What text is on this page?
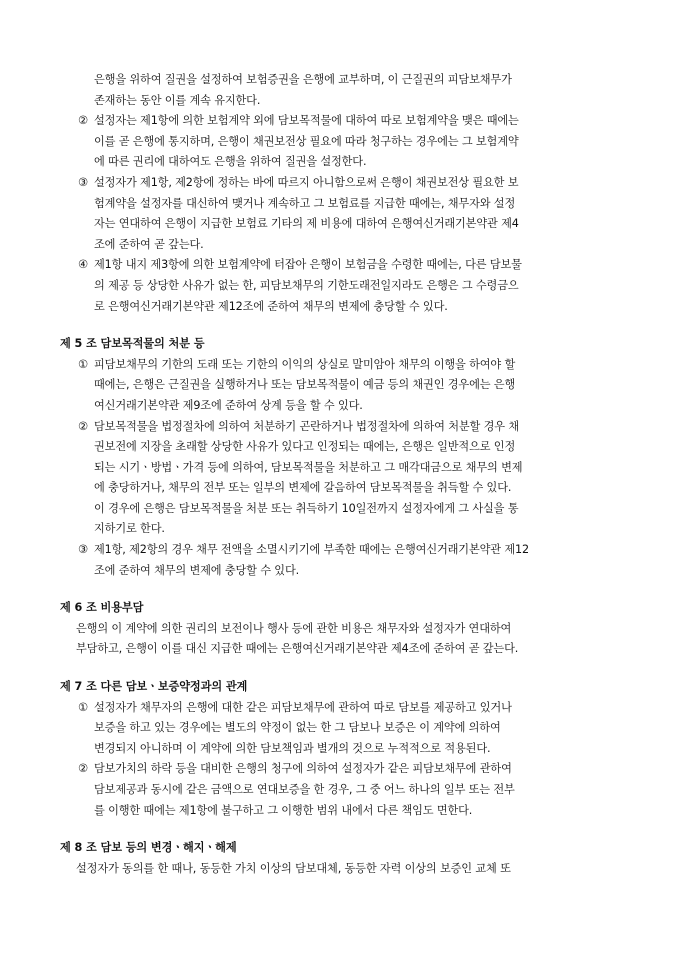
은행을 위하여 질권을 설정하여 보험증권을 은행에 교부하며, 이 근질권의 피담보채무가
존재하는 동안 이를 계속 유지한다.
② 설정자는 제1항에 의한 보험계약 외에 담보목적물에 대하여 따로 보험계약을 맺은 때에는
이를 곧 은행에 통지하며, 은행이 채권보전상 필요에 따라 청구하는 경우에는 그 보험계약
에 따른 권리에 대하여도 은행을 위하여 질권을 설정한다.
③ 설정자가 제1항, 제2항에 정하는 바에 따르지 아니함으로써 은행이 채권보전상 필요한 보
험계약을 설정자를 대신하여 맺거나 계속하고 그 보험료를 지급한 때에는, 채무자와 설정
자는 연대하여 은행이 지급한 보험료 기타의 제 비용에 대하여 은행여신거래기본약관 제4
조에 준하여 곧 갚는다.
④ 제1항 내지 제3항에 의한 보험계약에 터잡아 은행이 보험금을 수령한 때에는, 다른 담보물
의 제공 등 상당한 사유가 없는 한, 피담보채무의 기한도래전일지라도 은행은 그 수령금으
로 은행여신거래기본약관 제12조에 준하여 채무의 변제에 충당할 수 있다.
제 5 조 담보목적물의 처분 등
① 피담보채무의 기한의 도래 또는 기한의 이익의 상실로 말미암아 채무의 이행을 하여야 할
때에는, 은행은 근질권을 실행하거나 또는 담보목적물이 예금 등의 채권인 경우에는 은행
여신거래기본약관 제9조에 준하여 상계 등을 할 수 있다.
② 담보목적물을 법정절차에 의하여 처분하기 곤란하거나 법정절차에 의하여 처분할 경우 채
권보전에 지장을 초래할 상당한 사유가 있다고 인정되는 때에는, 은행은 일반적으로 인정
되는 시기ㆍ방법ㆍ가격 등에 의하여, 담보목적물을 처분하고 그 매각대금으로 채무의 변제
에 충당하거나, 채무의 전부 또는 일부의 변제에 갈음하여 담보목적물을 취득할 수 있다.
이 경우에 은행은 담보목적물을 처분 또는 취득하기 10일전까지 설정자에게 그 사실을 통
지하기로 한다.
③ 제1항, 제2항의 경우 채무 전액을 소멸시키기에 부족한 때에는 은행여신거래기본약관 제12
조에 준하여 채무의 변제에 충당할 수 있다.
제 6 조 비용부담
은행의 이 계약에 의한 권리의 보전이나 행사 등에 관한 비용은 채무자와 설정자가 연대하여
부담하고, 은행이 이를 대신 지급한 때에는 은행여신거래기본약관 제4조에 준하여 곧 갚는다.
제 7 조 다른 담보ㆍ보증약정과의 관계
① 설정자가 채무자의 은행에 대한 같은 피담보채무에 관하여 따로 담보를 제공하고 있거나
보증을 하고 있는 경우에는 별도의 약정이 없는 한 그 담보나 보증은 이 계약에 의하여
변경되지 아니하며 이 계약에 의한 담보책임과 별개의 것으로 누적적으로 적용된다.
② 담보가치의 하락 등을 대비한 은행의 청구에 의하여 설정자가 같은 피담보채무에 관하여
담보제공과 동시에 같은 금액으로 연대보증을 한 경우, 그 중 어느 하나의 일부 또는 전부
를 이행한 때에는 제1항에 불구하고 그 이행한 범위 내에서 다른 책임도 면한다.
제 8 조 담보 등의 변경ㆍ해지ㆍ해제
설정자가 동의를 한 때나, 동등한 가치 이상의 담보대체, 동등한 자력 이상의 보증인 교체 또
